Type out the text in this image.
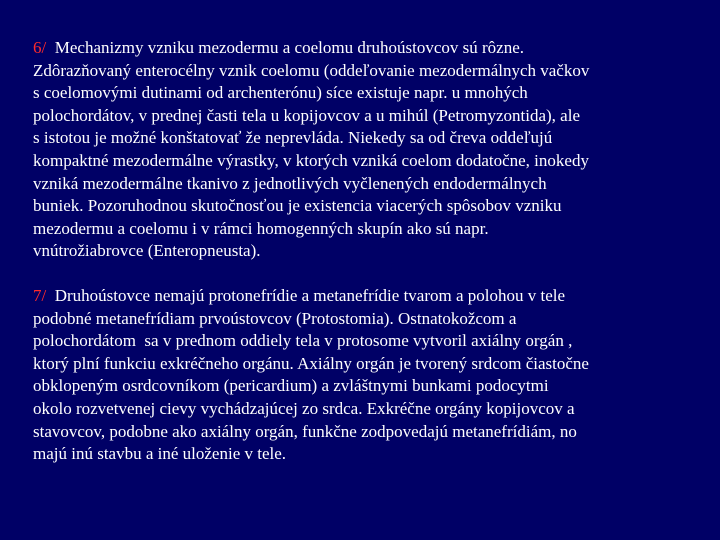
6/  Mechanizmy vzniku mezodermu a coelomu druhoústovcov sú rôzne.
Zdôrazňovaný enterocélny vznik coelomu (oddeľovanie mezodermálnych vačkov
s coelomovými dutinami od archenterónu) síce existuje napr. u mnohých
polochordátov, v prednej časti tela u kopijovcov a u mihúl (Petromyzontida), ale
s istotou je možné konštatovať že neprevláda. Niekedy sa od čreva oddeľujú
kompaktné mezodermálne výrastky, v ktorých vzniká coelom dodatočne, inokedy
vzniká mezodermálne tkanivo z jednotlivých vyčlenených endodermálnych
buniek. Pozoruhodnou skutočnosťou je existencia viacerých spôsobov vzniku
mezodermu a coelomu i v rámci homogenných skupín ako sú napr.
vnútrožiabrovce (Enteropneusta).

7/  Druhoústovce nemajú protonefrídie a metanefrídie tvarom a polohou v tele
podobné metanefrídiam prvoústovcov (Protostomia). Ostnatokožcom a
polochordátom  sa v prednom oddiely tela v protosome vytvoril axiálny orgán ,
ktorý plní funkciu exkréčneho orgánu. Axiálny orgán je tvorený srdcom čiastočne
obklopeným osrdcovníkom (pericardium) a zvláštnymi bunkami podocytmi
okolo rozvetvenej cievy vychádzajúcej zo srdca. Exkréčne orgány kopijovcov a
stavovcov, podobne ako axiálny orgán, funkčne zodpovedajú metanefrídiám, no
majú inú stavbu a iné uloženie v tele.
